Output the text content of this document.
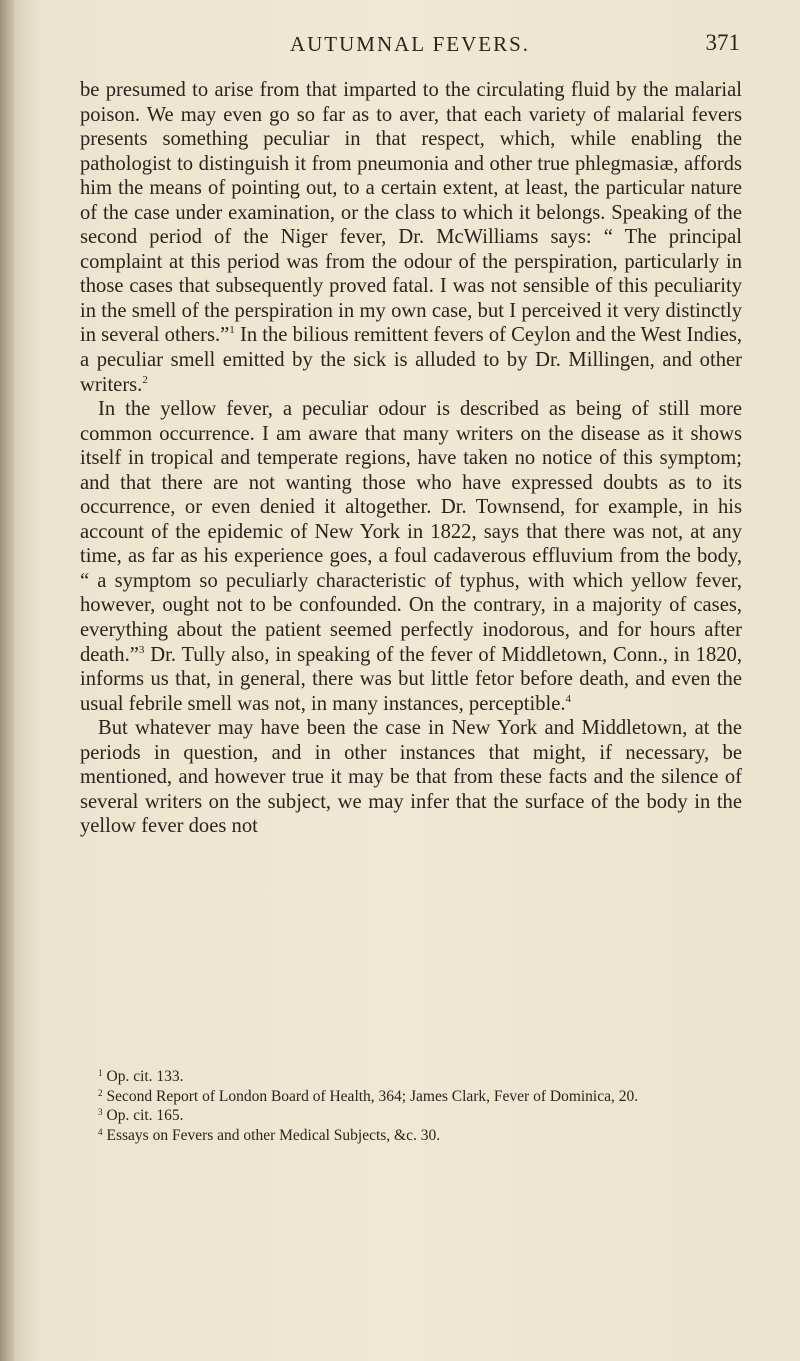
AUTUMNAL FEVERS.	371

be presumed to arise from that imparted to the circulating fluid by the malarial poison. We may even go so far as to aver, that each variety of malarial fevers presents something peculiar in that respect, which, while enabling the pathologist to distinguish it from pneumonia and other true phlegmasiæ, affords him the means of pointing out, to a certain extent, at least, the particular nature of the case under examination, or the class to which it belongs. Speaking of the second period of the Niger fever, Dr. McWilliams says: “ The principal complaint at this period was from the odour of the perspiration, particularly in those cases that subsequently proved fatal. I was not sensible of this peculiarity in the smell of the perspiration in my own case, but I perceived it very distinctly in several others.”$^1$ In the bilious remittent fevers of Ceylon and the West Indies, a peculiar smell emitted by the sick is alluded to by Dr. Millingen, and other writers.$^2$

In the yellow fever, a peculiar odour is described as being of still more common occurrence. I am aware that many writers on the disease as it shows itself in tropical and temperate regions, have taken no notice of this symptom; and that there are not wanting those who have expressed doubts as to its occurrence, or even denied it altogether. Dr. Townsend, for example, in his account of the epidemic of New York in 1822, says that there was not, at any time, as far as his experience goes, a foul cadaverous effluvium from the body, “ a symptom so peculiarly characteristic of typhus, with which yellow fever, however, ought not to be confounded. On the contrary, in a majority of cases, everything about the patient seemed perfectly inodorous, and for hours after death.”$^3$ Dr. Tully also, in speaking of the fever of Middletown, Conn., in 1820, informs us that, in general, there was but little fetor before death, and even the usual febrile smell was not, in many instances, perceptible.$^4$

But whatever may have been the case in New York and Middletown, at the periods in question, and in other instances that might, if necessary, be mentioned, and however true it may be that from these facts and the silence of several writers on the subject, we may infer that the surface of the body in the yellow fever does not

$^1$ Op. cit. 133.
$^2$ Second Report of London Board of Health, 364; James Clark, Fever of Dominica, 20.
$^3$ Op. cit. 165.
$^4$ Essays on Fevers and other Medical Subjects, &c. 30.
